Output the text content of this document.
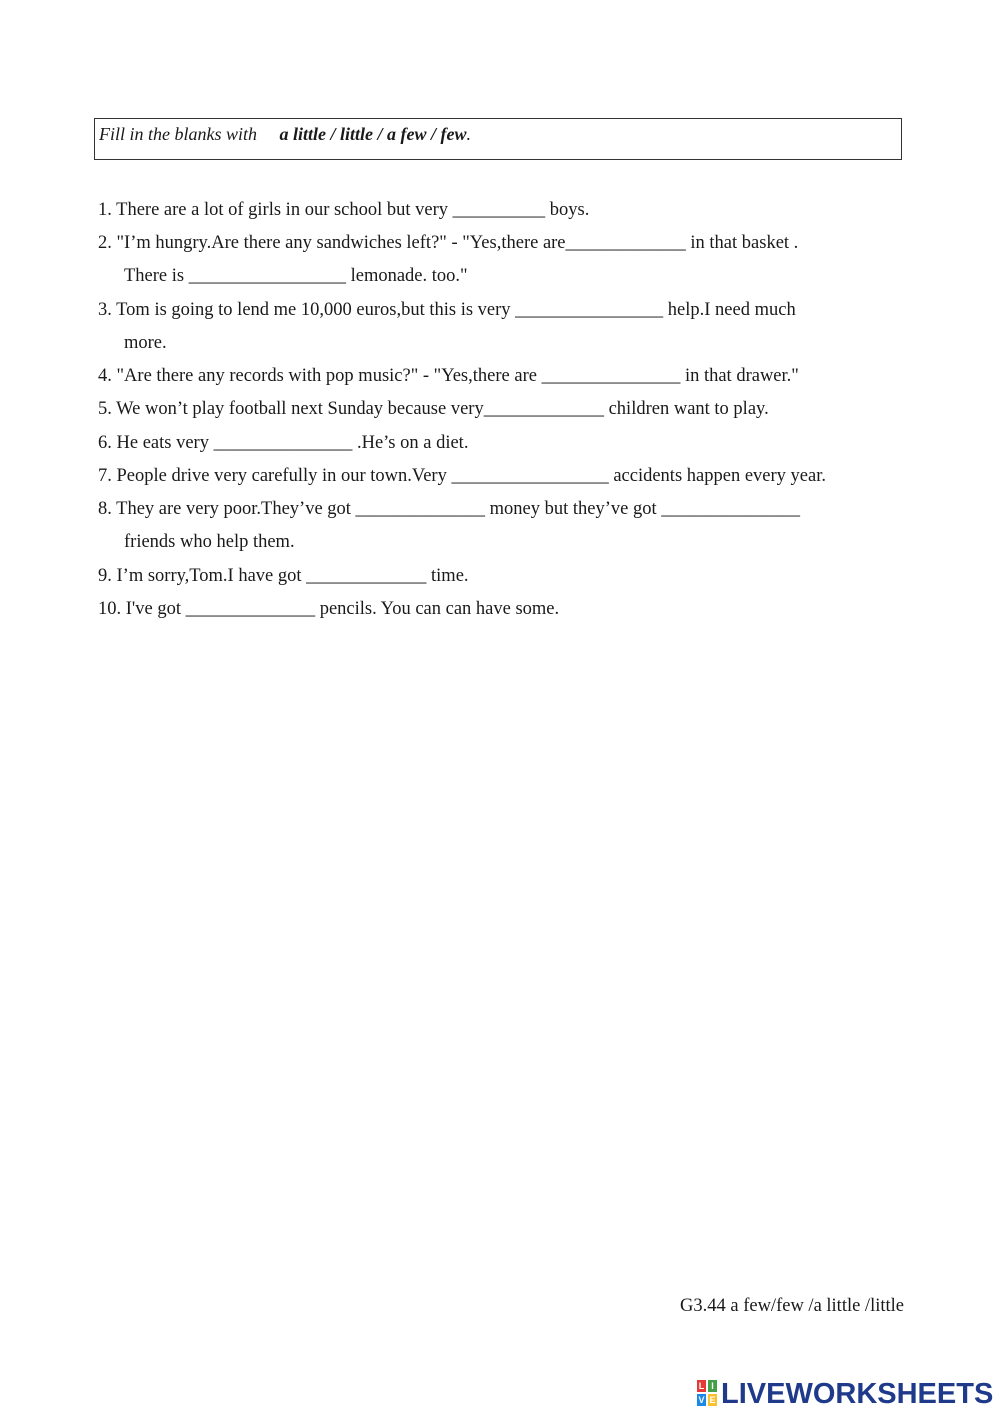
Fill in the blanks with a little / little / a few / few.
1. There are a lot of girls in our school but very __________ boys.
2. "I’m hungry.Are there any sandwiches left?" - "Yes,there are_____________ in that basket .
There is _________________ lemonade. too."
3. Tom is going to lend me 10,000 euros,but this is very ________________ help.I need much
more.
4. "Are there any records with pop music?" - "Yes,there are _______________ in that drawer."
5. We won’t play football next Sunday because very_____________ children want to play.
6. He eats very _______________ .He’s on a diet.
7. People drive very carefully in our town.Very _________________ accidents happen every year.
8. They are very poor.They’ve got ______________ money but they’ve got _______________
friends who help them.
9. I’m sorry,Tom.I have got _____________ time.
10. I've got ______________ pencils. You can can have some.
G3.44 a few/few /a little /little
L I
V E LIVEWORKSHEETS
